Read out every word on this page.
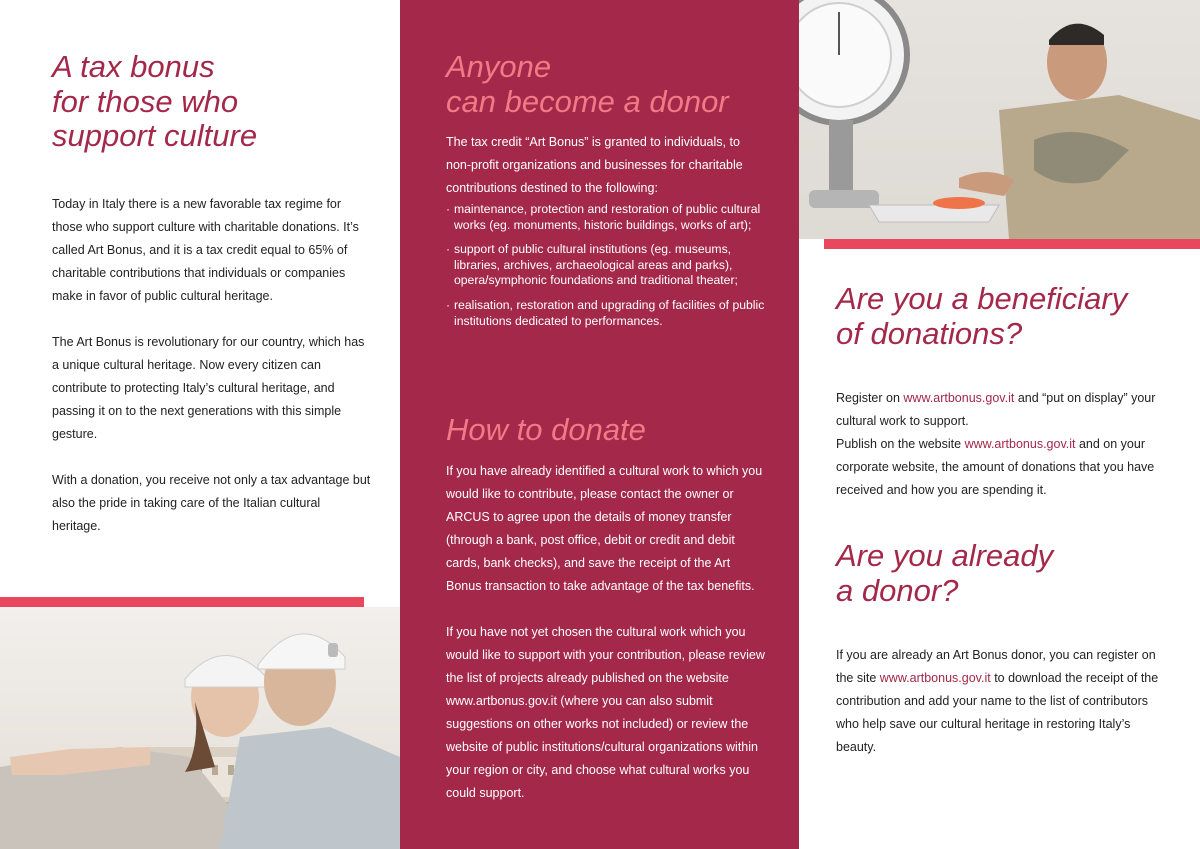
A tax bonus
for those who
support culture

Today in Italy there is a new favorable tax regime for those who support culture with charitable donations. It’s called Art Bonus, and it is a tax credit equal to 65% of charitable contributions that individuals or companies make in favor of public cultural heritage.

The Art Bonus is revolutionary for our country, which has a unique cultural heritage. Now every citizen can contribute to protecting Italy’s cultural heritage, and passing it on to the next generations with this simple gesture.

With a donation, you receive not only a tax advantage but also the pride in taking care of the Italian cultural heritage.

Anyone
can become a donor

The tax credit “Art Bonus” is granted to individuals, to non-profit organizations and businesses for charitable contributions destined to the following:

· maintenance, protection and restoration of public cultural works (eg. monuments, historic buildings, works of art);
· support of public cultural institutions (eg. museums, libraries, archives, archaeological areas and parks), opera/symphonic foundations and traditional theater;
· realisation, restoration and upgrading of facilities of public institutions dedicated to performances.
How to donate

If you have already identified a cultural work to which you would like to contribute, please contact the owner or ARCUS to agree upon the details of money transfer (through a bank, post office, debit or credit and debit cards, bank checks), and save the receipt of the Art Bonus transaction to take advantage of the tax benefits.

If you have not yet chosen the cultural work which you would like to support with your contribution, please review the list of projects already published on the website www.artbonus.gov.it (where you can also submit suggestions on other works not included) or review the website of public institutions/cultural organizations within your region or city, and choose what cultural works you could support.

Are you a beneficiary
of donations?

Register on www.artbonus.gov.it and “put on display” your cultural work to support.
Publish on the website www.artbonus.gov.it and on your corporate website, the amount of donations that you have received and how you are spending it.

Are you already
a donor?

If you are already an Art Bonus donor, you can register on the site www.artbonus.gov.it to download the receipt of the contribution and add your name to the list of contributors who help save our cultural heritage in restoring Italy’s beauty.
